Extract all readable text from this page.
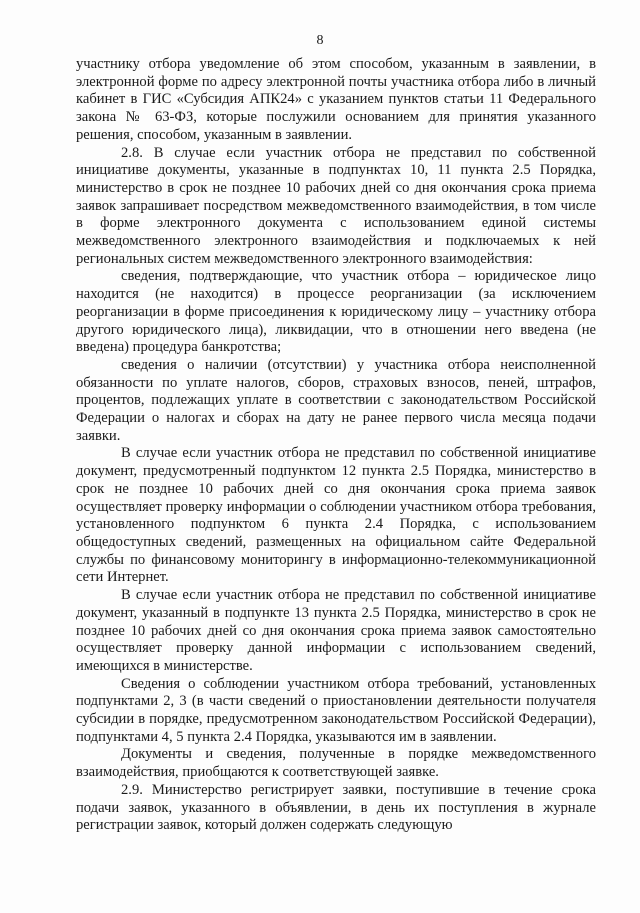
8

участнику отбора уведомление об этом способом, указанным в заявлении, в электронной форме по адресу электронной почты участника отбора либо в личный кабинет в ГИС «Субсидия АПК24» с указанием пунктов статьи 11 Федерального закона № 63-ФЗ, которые послужили основанием для принятия указанного решения, способом, указанным в заявлении.

2.8. В случае если участник отбора не представил по собственной инициативе документы, указанные в подпунктах 10, 11 пункта 2.5 Порядка, министерство в срок не позднее 10 рабочих дней со дня окончания срока приема заявок запрашивает посредством межведомственного взаимодействия, в том числе в форме электронного документа с использованием единой системы межведомственного электронного взаимодействия и подключаемых к ней региональных систем межведомственного электронного взаимодействия:

сведения, подтверждающие, что участник отбора – юридическое лицо находится (не находится) в процессе реорганизации (за исключением реорганизации в форме присоединения к юридическому лицу – участнику отбора другого юридического лица), ликвидации, что в отношении него введена (не введена) процедура банкротства;

сведения о наличии (отсутствии) у участника отбора неисполненной обязанности по уплате налогов, сборов, страховых взносов, пеней, штрафов, процентов, подлежащих уплате в соответствии с законодательством Российской Федерации о налогах и сборах на дату не ранее первого числа месяца подачи заявки.

В случае если участник отбора не представил по собственной инициативе документ, предусмотренный подпунктом 12 пункта 2.5 Порядка, министерство в срок не позднее 10 рабочих дней со дня окончания срока приема заявок осуществляет проверку информации о соблюдении участником отбора требования, установленного подпунктом 6 пункта 2.4 Порядка, с использованием общедоступных сведений, размещенных на официальном сайте Федеральной службы по финансовому мониторингу в информационно-телекоммуникационной сети Интернет.

В случае если участник отбора не представил по собственной инициативе документ, указанный в подпункте 13 пункта 2.5 Порядка, министерство в срок не позднее 10 рабочих дней со дня окончания срока приема заявок самостоятельно осуществляет проверку данной информации с использованием сведений, имеющихся в министерстве.

Сведения о соблюдении участником отбора требований, установленных подпунктами 2, 3 (в части сведений о приостановлении деятельности получателя субсидии в порядке, предусмотренном законодательством Российской Федерации), подпунктами 4, 5 пункта 2.4 Порядка, указываются им в заявлении.

Документы и сведения, полученные в порядке межведомственного взаимодействия, приобщаются к соответствующей заявке.

2.9. Министерство регистрирует заявки, поступившие в течение срока подачи заявок, указанного в объявлении, в день их поступления в журнале регистрации заявок, который должен содержать следующую
